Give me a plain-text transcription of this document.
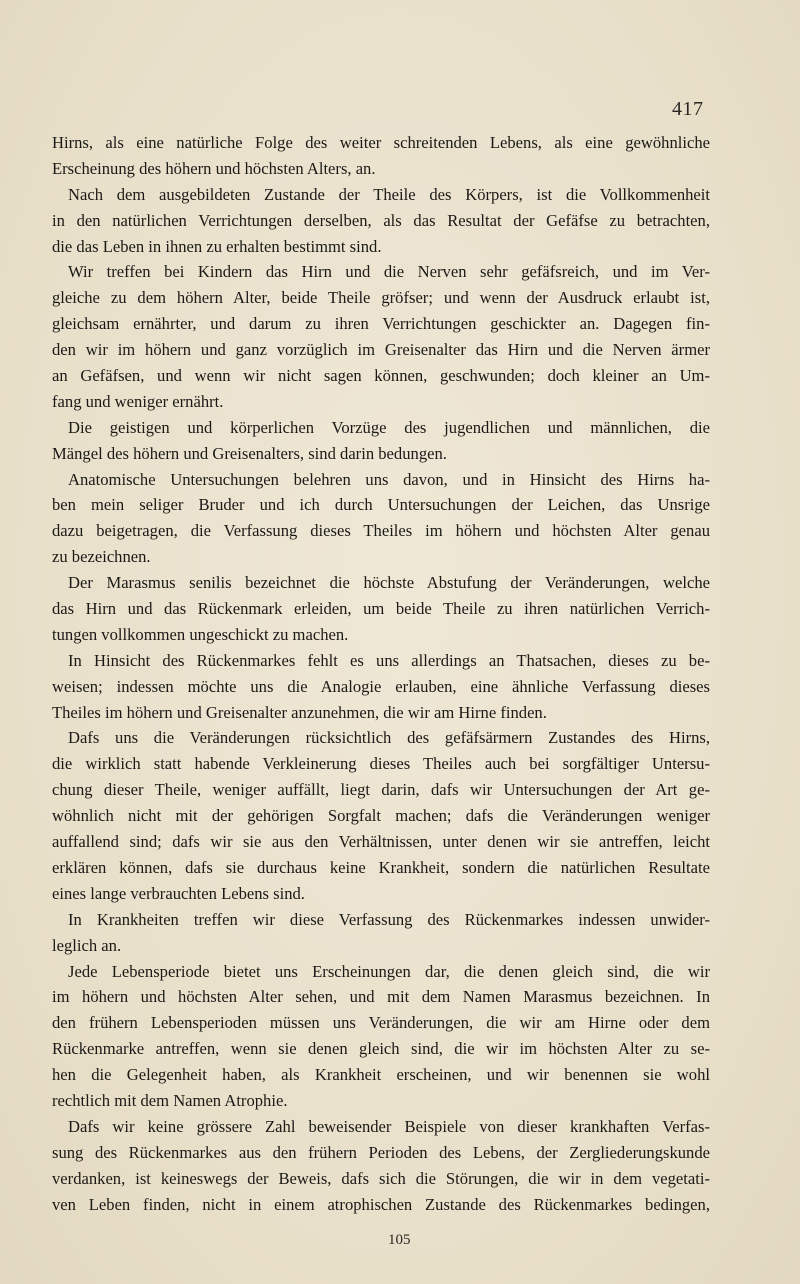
417
Hirns, als eine natürliche Folge des weiter schreitenden Lebens, als eine gewöhnliche
Erscheinung des höhern und höchsten Alters, an.
Nach dem ausgebildeten Zustande der Theile des Körpers, ist die Vollkommenheit
in den natürlichen Verrichtungen derselben, als das Resultat der Gefäfse zu betrachten,
die das Leben in ihnen zu erhalten bestimmt sind.
Wir treffen bei Kindern das Hirn und die Nerven sehr gefäfsreich, und im Ver-
gleiche zu dem höhern Alter, beide Theile gröfser; und wenn der Ausdruck erlaubt ist,
gleichsam ernährter, und darum zu ihren Verrichtungen geschickter an. Dagegen fin-
den wir im höhern und ganz vorzüglich im Greisenalter das Hirn und die Nerven ärmer
an Gefäfsen, und wenn wir nicht sagen können, geschwunden; doch kleiner an Um-
fang und weniger ernährt.
Die geistigen und körperlichen Vorzüge des jugendlichen und männlichen, die
Mängel des höhern und Greisenalters, sind darin bedungen.
Anatomische Untersuchungen belehren uns davon, und in Hinsicht des Hirns ha-
ben mein seliger Bruder und ich durch Untersuchungen der Leichen, das Unsrige
dazu beigetragen, die Verfassung dieses Theiles im höhern und höchsten Alter genau
zu bezeichnen.
Der Marasmus senilis bezeichnet die höchste Abstufung der Veränderungen, welche
das Hirn und das Rückenmark erleiden, um beide Theile zu ihren natürlichen Verrich-
tungen vollkommen ungeschickt zu machen.
In Hinsicht des Rückenmarkes fehlt es uns allerdings an Thatsachen, dieses zu be-
weisen; indessen möchte uns die Analogie erlauben, eine ähnliche Verfassung dieses
Theiles im höhern und Greisenalter anzunehmen, die wir am Hirne finden.
Dafs uns die Veränderungen rücksichtlich des gefäfsärmern Zustandes des Hirns,
die wirklich statt habende Verkleinerung dieses Theiles auch bei sorgfältiger Untersu-
chung dieser Theile, weniger auffällt, liegt darin, dafs wir Untersuchungen der Art ge-
wöhnlich nicht mit der gehörigen Sorgfalt machen; dafs die Veränderungen weniger
auffallend sind; dafs wir sie aus den Verhältnissen, unter denen wir sie antreffen, leicht
erklären können, dafs sie durchaus keine Krankheit, sondern die natürlichen Resultate
eines lange verbrauchten Lebens sind.
In Krankheiten treffen wir diese Verfassung des Rückenmarkes indessen unwider-
leglich an.
Jede Lebensperiode bietet uns Erscheinungen dar, die denen gleich sind, die wir
im höhern und höchsten Alter sehen, und mit dem Namen Marasmus bezeichnen. In
den frühern Lebensperioden müssen uns Veränderungen, die wir am Hirne oder dem
Rückenmarke antreffen, wenn sie denen gleich sind, die wir im höchsten Alter zu se-
hen die Gelegenheit haben, als Krankheit erscheinen, und wir benennen sie wohl
rechtlich mit dem Namen Atrophie.
Dafs wir keine grössere Zahl beweisender Beispiele von dieser krankhaften Verfas-
sung des Rückenmarkes aus den frühern Perioden des Lebens, der Zergliederungskunde
verdanken, ist keineswegs der Beweis, dafs sich die Störungen, die wir in dem vegetati-
ven Leben finden, nicht in einem atrophischen Zustande des Rückenmarkes bedingen,
105
